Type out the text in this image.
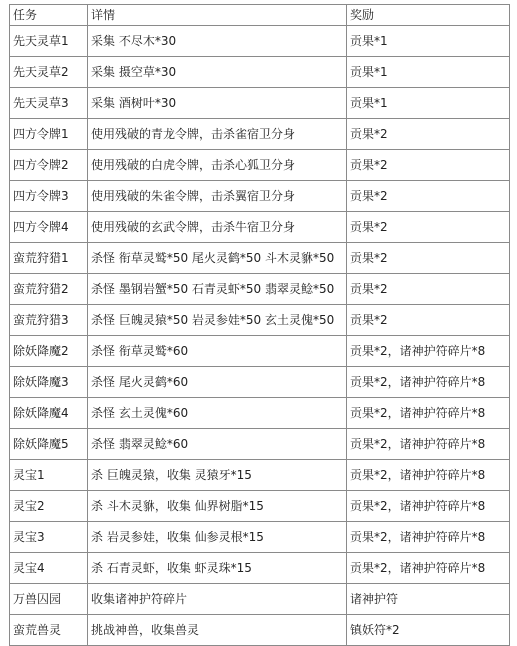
任务	详情	奖励
先天灵草1	采集 不尽木*30	贡果*1
先天灵草2	采集 摄空草*30	贡果*1
先天灵草3	采集 酒树叶*30	贡果*1
四方令牌1	使用残破的青龙令牌，击杀雀宿卫分身	贡果*2
四方令牌2	使用残破的白虎令牌，击杀心狐卫分身	贡果*2
四方令牌3	使用残破的朱雀令牌，击杀翼宿卫分身	贡果*2
四方令牌4	使用残破的玄武令牌，击杀牛宿卫分身	贡果*2
蛮荒狩猎1	杀怪 衔草灵鹫*50 尾火灵鹤*50 斗木灵貅*50	贡果*2
蛮荒狩猎2	杀怪 墨钢岩蟹*50 石青灵虾*50 翡翠灵鲶*50	贡果*2
蛮荒狩猎3	杀怪 巨魄灵猿*50 岩灵参娃*50 玄土灵傀*50	贡果*2
除妖降魔2	杀怪 衔草灵鹫*60	贡果*2，诸神护符碎片*8
除妖降魔3	杀怪 尾火灵鹤*60	贡果*2，诸神护符碎片*8
除妖降魔4	杀怪 玄土灵傀*60	贡果*2，诸神护符碎片*8
除妖降魔5	杀怪 翡翠灵鲶*60	贡果*2，诸神护符碎片*8
灵宝1	杀 巨魄灵猿，收集 灵猿牙*15	贡果*2，诸神护符碎片*8
灵宝2	杀 斗木灵貅，收集 仙界树脂*15	贡果*2，诸神护符碎片*8
灵宝3	杀 岩灵参娃，收集 仙参灵根*15	贡果*2，诸神护符碎片*8
灵宝4	杀 石青灵虾，收集 虾灵珠*15	贡果*2，诸神护符碎片*8
万兽囚园	收集诸神护符碎片	诸神护符
蛮荒兽灵	挑战神兽，收集兽灵	镇妖符*2
